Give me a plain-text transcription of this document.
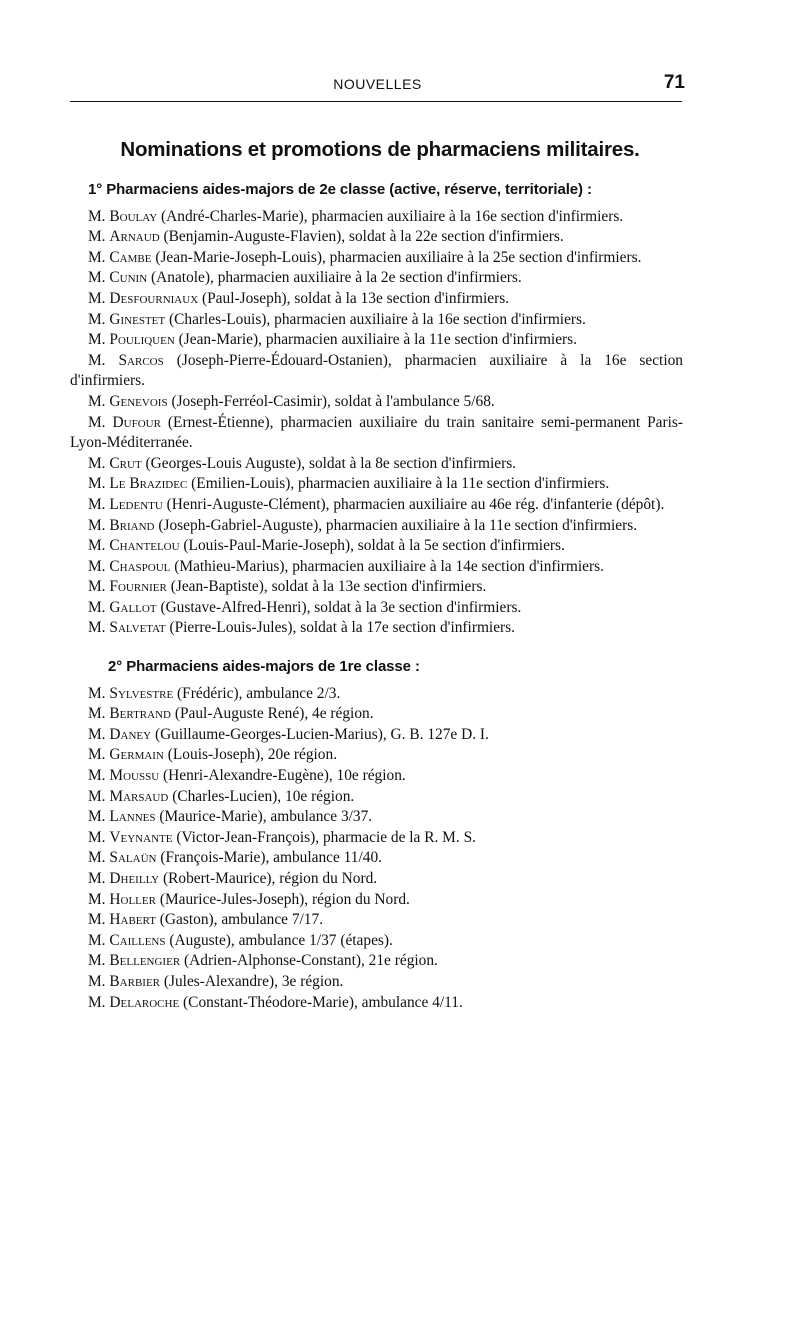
NOUVELLES	71
Nominations et promotions de pharmaciens militaires.
1° Pharmaciens aides-majors de 2e classe (active, réserve, territoriale) :
M. Boulay (André-Charles-Marie), pharmacien auxiliaire à la 16e section d'infirmiers.
M. Arnaud (Benjamin-Auguste-Flavien), soldat à la 22e section d'infirmiers.
M. Cambe (Jean-Marie-Joseph-Louis), pharmacien auxiliaire à la 25e section d'infirmiers.
M. Cunin (Anatole), pharmacien auxiliaire à la 2e section d'infirmiers.
M. Desfourniaux (Paul-Joseph), soldat à la 13e section d'infirmiers.
M. Ginestet (Charles-Louis), pharmacien auxiliaire à la 16e section d'infirmiers.
M. Pouliquen (Jean-Marie), pharmacien auxiliaire à la 11e section d'infirmiers.
M. Sarcos (Joseph-Pierre-Édouard-Ostanien), pharmacien auxiliaire à la 16e section d'infirmiers.
M. Genevois (Joseph-Ferréol-Casimir), soldat à l'ambulance 5/68.
M. Dufour (Ernest-Étienne), pharmacien auxiliaire du train sanitaire semi-permanent Paris-Lyon-Méditerranée.
M. Crut (Georges-Louis Auguste), soldat à la 8e section d'infirmiers.
M. Le Brazidec (Emilien-Louis), pharmacien auxiliaire à la 11e section d'infirmiers.
M. Ledentu (Henri-Auguste-Clément), pharmacien auxiliaire au 46e rég. d'infanterie (dépôt).
M. Briand (Joseph-Gabriel-Auguste), pharmacien auxiliaire à la 11e section d'infirmiers.
M. Chantelou (Louis-Paul-Marie-Joseph), soldat à la 5e section d'infirmiers.
M. Chaspoul (Mathieu-Marius), pharmacien auxiliaire à la 14e section d'infirmiers.
M. Fournier (Jean-Baptiste), soldat à la 13e section d'infirmiers.
M. Gallot (Gustave-Alfred-Henri), soldat à la 3e section d'infirmiers.
M. Salvetat (Pierre-Louis-Jules), soldat à la 17e section d'infirmiers.
2° Pharmaciens aides-majors de 1re classe :
M. Sylvestre (Frédéric), ambulance 2/3.
M. Bertrand (Paul-Auguste René), 4e région.
M. Daney (Guillaume-Georges-Lucien-Marius), G. B. 127e D. I.
M. Germain (Louis-Joseph), 20e région.
M. Moussu (Henri-Alexandre-Eugène), 10e région.
M. Marsaud (Charles-Lucien), 10e région.
M. Lannes (Maurice-Marie), ambulance 3/37.
M. Veynante (Victor-Jean-François), pharmacie de la R. M. S.
M. Salaün (François-Marie), ambulance 11/40.
M. Dheilly (Robert-Maurice), région du Nord.
M. Holler (Maurice-Jules-Joseph), région du Nord.
M. Habert (Gaston), ambulance 7/17.
M. Caillens (Auguste), ambulance 1/37 (étapes).
M. Bellengier (Adrien-Alphonse-Constant), 21e région.
M. Barbier (Jules-Alexandre), 3e région.
M. Delaroche (Constant-Théodore-Marie), ambulance 4/11.
